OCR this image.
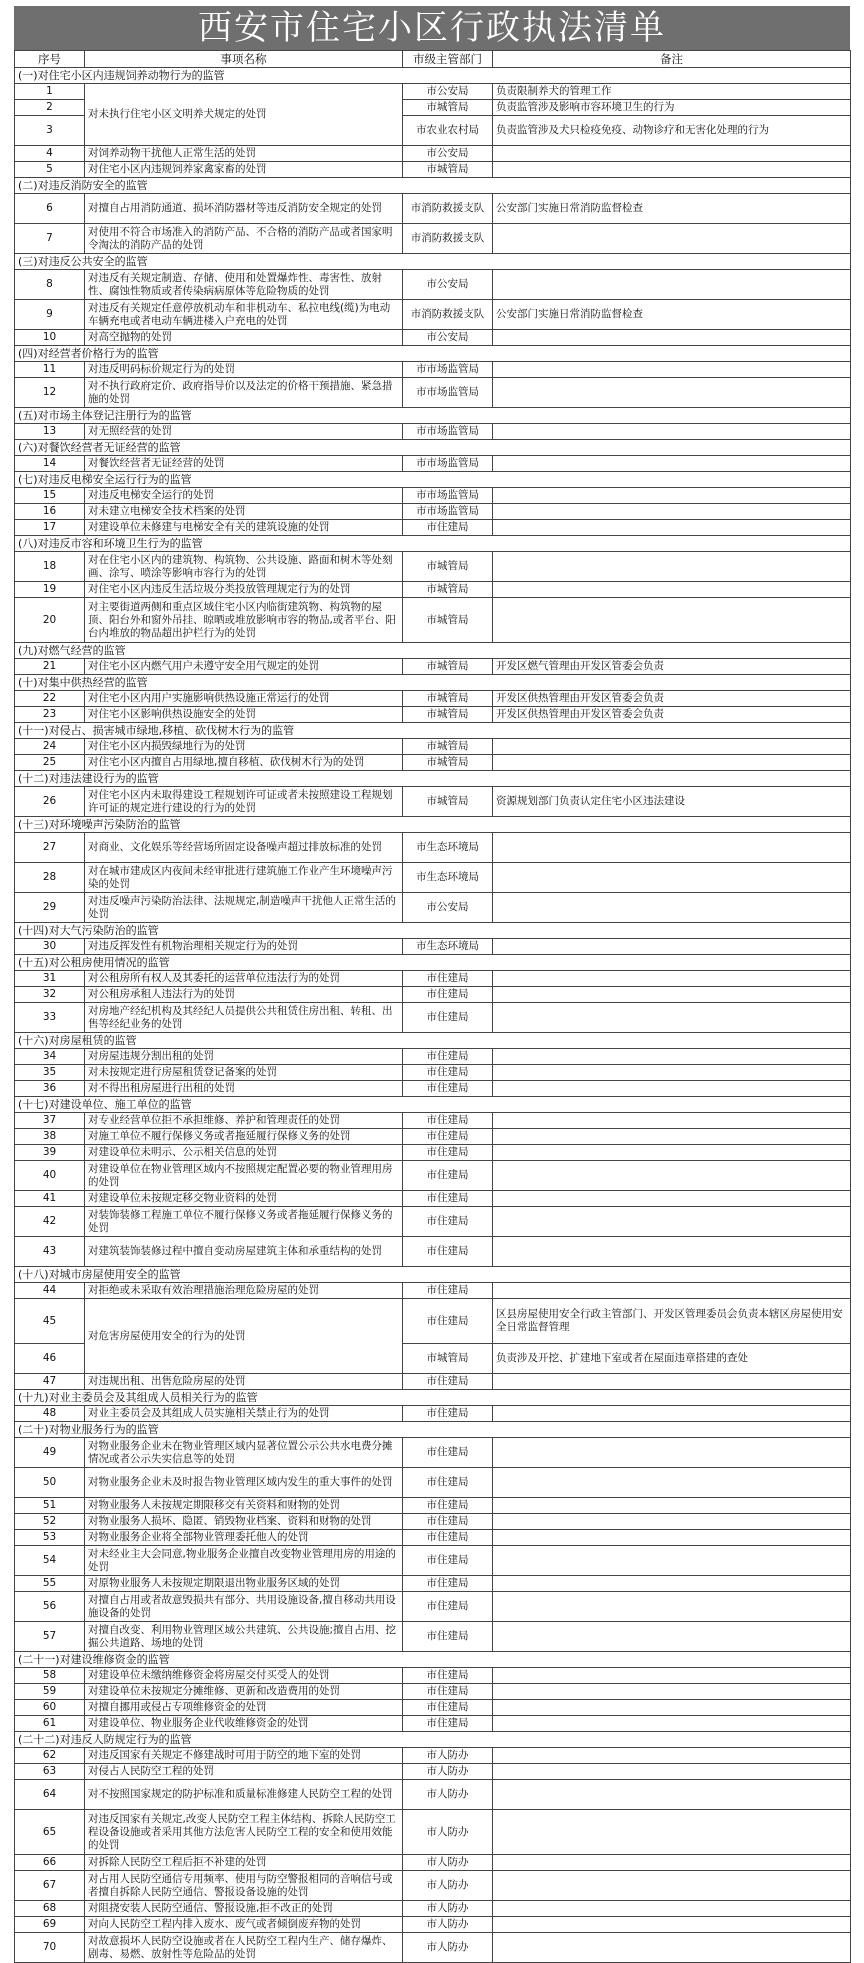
西安市住宅小区行政执法清单
序号	事项名称	市级主管部门	备注
(一)对住宅小区内违规饲养动物行为的监管			
1	对未执行住宅小区文明养犬规定的处罚	市公安局	负责限制养犬的管理工作
2		市城管局	负责监管涉及影响市容环境卫生的行为
3		市农业农村局	负责监管涉及犬只检疫免疫、动物诊疗和无害化处理的行为
4	对饲养动物干扰他人正常生活的处罚	市公安局	
5	对住宅小区内违规饲养家禽家畜的处罚	市城管局	
(二)对违反消防安全的监管			
6	对擅自占用消防通道、损坏消防器材等违反消防安全规定的处罚	市消防救援支队	公安部门实施日常消防监督检查
7	对使用不符合市场准入的消防产品、不合格的消防产品或者国家明令淘汰的消防产品的处罚	市消防救援支队	
(三)对违反公共安全的监管			
8	对违反有关规定制造、存储、使用和处置爆炸性、毒害性、放射性、腐蚀性物质或者传染病病原体等危险物质的处罚	市公安局	
9	对违反有关规定任意停放机动车和非机动车、私拉电线(缆)为电动车辆充电或者电动车辆进楼入户充电的处罚	市消防救援支队	公安部门实施日常消防监督检查
10	对高空抛物的处罚	市公安局	
(四)对经营者价格行为的监管			
11	对违反明码标价规定行为的处罚	市市场监管局	
12	对不执行政府定价、政府指导价以及法定的价格干预措施、紧急措施的处罚	市市场监管局	
(五)对市场主体登记注册行为的监管			
13	对无照经营的处罚	市市场监管局	
(六)对餐饮经营者无证经营的监管			
14	对餐饮经营者无证经营的处罚	市市场监管局	
(七)对违反电梯安全运行行为的监管			
15	对违反电梯安全运行的处罚	市市场监管局	
16	对未建立电梯安全技术档案的处罚	市市场监管局	
17	对建设单位未修建与电梯安全有关的建筑设施的处罚	市住建局	
(八)对违反市容和环境卫生行为的监管			
18	对在住宅小区内的建筑物、构筑物、公共设施、路面和树木等处刻画、涂写、喷涂等影响市容行为的处罚	市城管局	
19	对住宅小区内违反生活垃圾分类投放管理规定行为的处罚	市城管局	
20	对主要街道两侧和重点区域住宅小区内临街建筑物、构筑物的屋顶、阳台外和窗外吊挂、晾晒或堆放影响市容的物品,或者平台、阳台内堆放的物品超出护栏行为的处罚	市城管局	
(九)对燃气经营的监管			
21	对住宅小区内燃气用户未遵守安全用气规定的处罚	市城管局	开发区燃气管理由开发区管委会负责
(十)对集中供热经营的监管			
22	对住宅小区内用户实施影响供热设施正常运行的处罚	市城管局	开发区供热管理由开发区管委会负责
23	对住宅小区影响供热设施安全的处罚	市城管局	开发区供热管理由开发区管委会负责
(十一)对侵占、损害城市绿地,移植、砍伐树木行为的监管			
24	对住宅小区内损毁绿地行为的处罚	市城管局	
25	对住宅小区内擅自占用绿地,擅自移植、砍伐树木行为的处罚	市城管局	
(十二)对违法建设行为的监管			
26	对住宅小区内未取得建设工程规划许可证或者未按照建设工程规划许可证的规定进行建设的行为的处罚	市城管局	资源规划部门负责认定住宅小区违法建设
(十三)对环境噪声污染防治的监管			
27	对商业、文化娱乐等经营场所固定设备噪声超过排放标准的处罚	市生态环境局	
28	对在城市建成区内夜间未经审批进行建筑施工作业产生环境噪声污染的处罚	市生态环境局	
29	对违反噪声污染防治法律、法规规定,制造噪声干扰他人正常生活的处罚	市公安局	
(十四)对大气污染防治的监管			
30	对违反挥发性有机物治理相关规定行为的处罚	市生态环境局	
(十五)对公租房使用情况的监管			
31	对公租房所有权人及其委托的运营单位违法行为的处罚	市住建局	
32	对公租房承租人违法行为的处罚	市住建局	
33	对房地产经纪机构及其经纪人员提供公共租赁住房出租、转租、出售等经纪业务的处罚	市住建局	
(十六)对房屋租赁的监管			
34	对房屋违规分割出租的处罚	市住建局	
35	对未按规定进行房屋租赁登记备案的处罚	市住建局	
36	对不得出租房屋进行出租的处罚	市住建局	
(十七)对建设单位、施工单位的监管			
37	对专业经营单位拒不承担维修、养护和管理责任的处罚	市住建局	
38	对施工单位不履行保修义务或者拖延履行保修义务的处罚	市住建局	
39	对建设单位未明示、公示相关信息的处罚	市住建局	
40	对建设单位在物业管理区域内不按照规定配置必要的物业管理用房的处罚	市住建局	
41	对建设单位未按规定移交物业资料的处罚	市住建局	
42	对装饰装修工程施工单位不履行保修义务或者拖延履行保修义务的处罚	市住建局	
43	对建筑装饰装修过程中擅自变动房屋建筑主体和承重结构的处罚	市住建局	
(十八)对城市房屋使用安全的监管			
44	对拒绝或未采取有效治理措施治理危险房屋的处罚	市住建局	
45	对危害房屋使用安全的行为的处罚	市住建局	区县房屋使用安全行政主管部门、开发区管理委员会负责本辖区房屋使用安全日常监督管理
46		市城管局	负责涉及开挖、扩建地下室或者在屋面违章搭建的查处
47	对违规出租、出售危险房屋的处罚	市住建局	
(十九)对业主委员会及其组成人员相关行为的监管			
48	对业主委员会及其组成人员实施相关禁止行为的处罚	市住建局	
(二十)对物业服务行为的监管			
49	对物业服务企业未在物业管理区域内显著位置公示公共水电费分摊情况或者公示失实信息等的处罚	市住建局	
50	对物业服务企业未及时报告物业管理区域内发生的重大事件的处罚	市住建局	
51	对物业服务人未按规定期限移交有关资料和财物的处罚	市住建局	
52	对物业服务人损坏、隐匿、销毁物业档案、资料和财物的处罚	市住建局	
53	对物业服务企业将全部物业管理委托他人的处罚	市住建局	
54	对未经业主大会同意,物业服务企业擅自改变物业管理用房的用途的处罚	市住建局	
55	对原物业服务人未按规定期限退出物业服务区域的处罚	市住建局	
56	对擅自占用或者故意毁损共有部分、共用设施设备,擅自移动共用设施设备的处罚	市住建局	
57	对擅自改变、利用物业管理区域公共建筑、公共设施;擅自占用、挖掘公共道路、场地的处罚	市住建局	
(二十一)对建设维修资金的监管			
58	对建设单位未缴纳维修资金将房屋交付买受人的处罚	市住建局	
59	对建设单位未按规定分摊维修、更新和改造费用的处罚	市住建局	
60	对擅自挪用或侵占专项维修资金的处罚	市住建局	
61	对建设单位、物业服务企业代收维修资金的处罚	市住建局	
(二十二)对违反人防规定行为的监管			
62	对违反国家有关规定不修建战时可用于防空的地下室的处罚	市人防办	
63	对侵占人民防空工程的处罚	市人防办	
64	对不按照国家规定的防护标准和质量标准修建人民防空工程的处罚	市人防办	
65	对违反国家有关规定,改变人民防空工程主体结构、拆除人民防空工程设备设施或者采用其他方法危害人民防空工程的安全和使用效能的处罚	市人防办	
66	对拆除人民防空工程后拒不补建的处罚	市人防办	
67	对占用人民防空通信专用频率、使用与防空警报相同的音响信号或者擅自拆除人民防空通信、警报设备设施的处罚	市人防办	
68	对阻挠安装人民防空通信、警报设施,拒不改正的处罚	市人防办	
69	对向人民防空工程内排入废水、废气或者倾倒废弃物的处罚	市人防办	
70	对故意损坏人民防空设施或者在人民防空工程内生产、储存爆炸、剧毒、易燃、放射性等危险品的处罚	市人防办	
